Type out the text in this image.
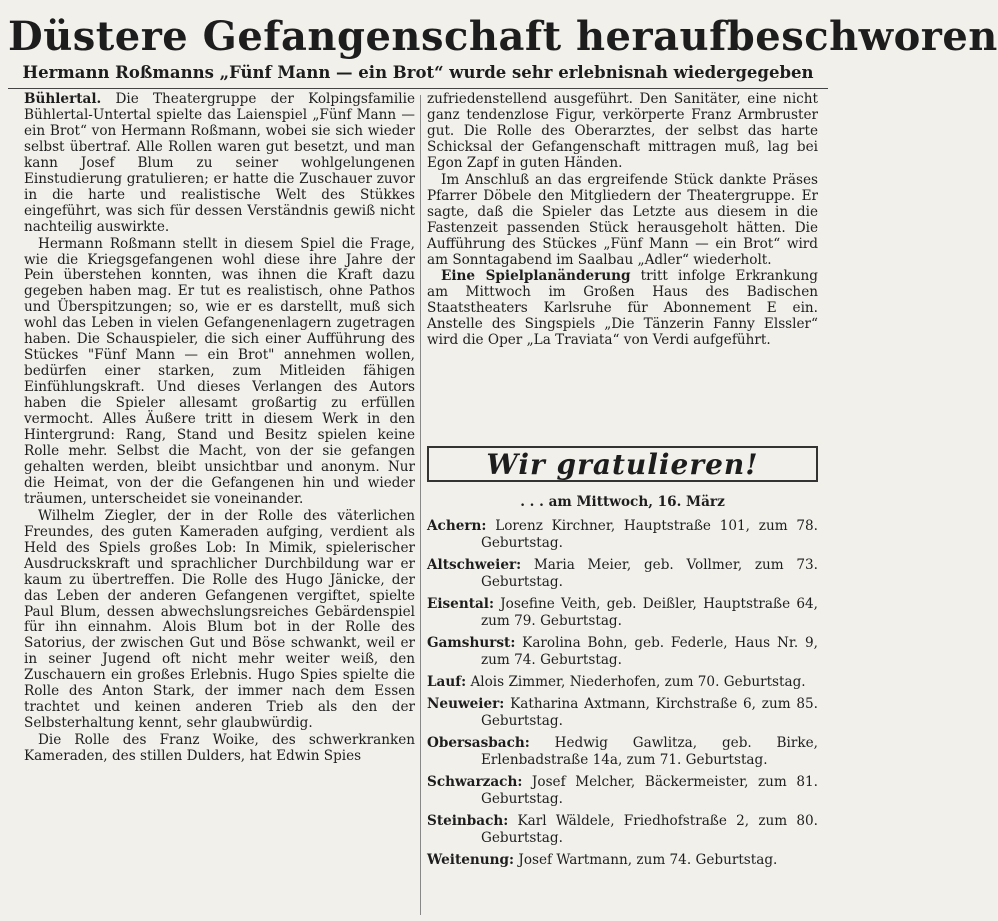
Düstere Gefangenschaft heraufbeschworen
Hermann Roßmanns „Fünf Mann — ein Brot“ wurde sehr erlebnisnah wiedergegeben

Bühlertal. Die Theatergruppe der Kolpingsfamilie Bühlertal-Untertal spielte das Laienspiel „Fünf Mann — ein Brot“ von Hermann Roßmann, wobei sie sich wieder selbst übertraf. Alle Rollen waren gut besetzt, und man kann Josef Blum zu seiner wohlgelungenen Einstudierung gratulieren; er hatte die Zuschauer zuvor in die harte und realistische Welt des Stükkes eingeführt, was sich für dessen Verständnis gewiß nicht nachteilig auswirkte.

Hermann Roßmann stellt in diesem Spiel die Frage, wie die Kriegsgefangenen wohl diese ihre Jahre der Pein überstehen konnten, was ihnen die Kraft dazu gegeben haben mag. Er tut es realistisch, ohne Pathos und Überspitzungen; so, wie er es darstellt, muß sich wohl das Leben in vielen Gefangenenlagern zugetragen haben. Die Schauspieler, die sich einer Aufführung des Stückes "Fünf Mann — ein Brot" annehmen wollen, bedürfen einer starken, zum Mitleiden fähigen Einfühlungskraft. Und dieses Verlangen des Autors haben die Spieler allesamt großartig zu erfüllen vermocht. Alles Äußere tritt in diesem Werk in den Hintergrund: Rang, Stand und Besitz spielen keine Rolle mehr. Selbst die Macht, von der sie gefangen gehalten werden, bleibt unsichtbar und anonym. Nur die Heimat, von der die Gefangenen hin und wieder träumen, unterscheidet sie voneinander.

Wilhelm Ziegler, der in der Rolle des väterlichen Freundes, des guten Kameraden aufging, verdient als Held des Spiels großes Lob: In Mimik, spielerischer Ausdruckskraft und sprachlicher Durchbildung war er kaum zu übertreffen. Die Rolle des Hugo Jänicke, der das Leben der anderen Gefangenen vergiftet, spielte Paul Blum, dessen abwechslungsreiches Gebärdenspiel für ihn einnahm. Alois Blum bot in der Rolle des Satorius, der zwischen Gut und Böse schwankt, weil er in seiner Jugend oft nicht mehr weiter weiß, den Zuschauern ein großes Erlebnis. Hugo Spies spielte die Rolle des Anton Stark, der immer nach dem Essen trachtet und keinen anderen Trieb als den der Selbsterhaltung kennt, sehr glaubwürdig.

Die Rolle des Franz Woike, des schwerkranken Kameraden, des stillen Dulders, hat Edwin Spies

zufriedenstellend ausgeführt. Den Sanitäter, eine nicht ganz tendenzlose Figur, verkörperte Franz Armbruster gut. Die Rolle des Oberarztes, der selbst das harte Schicksal der Gefangenschaft mittragen muß, lag bei Egon Zapf in guten Händen.

Im Anschluß an das ergreifende Stück dankte Präses Pfarrer Döbele den Mitgliedern der Theatergruppe. Er sagte, daß die Spieler das Letzte aus diesem in die Fastenzeit passenden Stück herausgeholt hätten. Die Aufführung des Stückes „Fünf Mann — ein Brot“ wird am Sonntagabend im Saalbau „Adler“ wiederholt.

Eine Spielplanänderung tritt infolge Erkrankung am Mittwoch im Großen Haus des Badischen Staatstheaters Karlsruhe für Abonnement E ein. Anstelle des Singspiels „Die Tänzerin Fanny Elssler“ wird die Oper „La Traviata“ von Verdi aufgeführt.

Wir gratulieren!
. . . am Mittwoch, 16. März

Achern: Lorenz Kirchner, Hauptstraße 101, zum 78. Geburtstag.

Altschweier: Maria Meier, geb. Vollmer, zum 73. Geburtstag.

Eisental: Josefine Veith, geb. Deißler, Hauptstraße 64, zum 79. Geburtstag.

Gamshurst: Karolina Bohn, geb. Federle, Haus Nr. 9, zum 74. Geburtstag.

Lauf: Alois Zimmer, Niederhofen, zum 70. Geburtstag.

Neuweier: Katharina Axtmann, Kirchstraße 6, zum 85. Geburtstag.

Obersasbach: Hedwig Gawlitza, geb. Birke, Erlenbadstraße 14a, zum 71. Geburtstag.

Schwarzach: Josef Melcher, Bäckermeister, zum 81. Geburtstag.

Steinbach: Karl Wäldele, Friedhofstraße 2, zum 80. Geburtstag.

Weitenung: Josef Wartmann, zum 74. Geburtstag.
